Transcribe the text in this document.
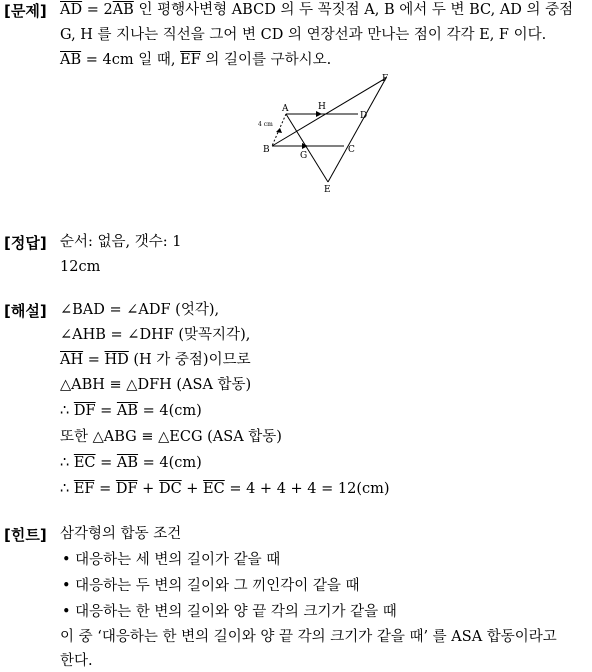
[문제] $\overline{AD} = 2\overline{AB}$ 인 평행사변형 ABCD 의 두 꼭짓점 A, B 에서 두 변 BC, AD 의 중점
G, H 를 지나는 직선을 그어 변 CD 의 연장선과 만나는 점이 각각 E, F 이다.
$\overline{AB} = 4cm$ 일 때, $\overline{EF}$ 의 길이를 구하시오.
A
B	C
D
E
F
G
H
4 cm
[정답] 순서: 없음, 갯수: 1
12cm
[해설] ∠BAD = ∠ADF (엇각),
∠AHB = ∠DHF (맞꼭지각),
$\overline{AH} = \overline{HD}$ (H 가 중점)이므로
△ABH ≡ △DFH (ASA 합동)
∴ $\overline{DF} = \overline{AB} = 4(cm)$
또한 △ABG ≡ △ECG (ASA 합동)
∴ $\overline{EC} = \overline{AB} = 4(cm)$
∴ $\overline{EF} = \overline{DF} + \overline{DC} + \overline{EC} = 4 + 4 + 4 = 12(cm)$
[힌트] 삼각형의 합동 조건
• 대응하는 세 변의 길이가 같을 때
• 대응하는 두 변의 길이와 그 끼인각이 같을 때
• 대응하는 한 변의 길이와 양 끝 각의 크기가 같을 때
이 중 ‘대응하는 한 변의 길이와 양 끝 각의 크기가 같을 때’ 를 ASA 합동이라고
한다.
